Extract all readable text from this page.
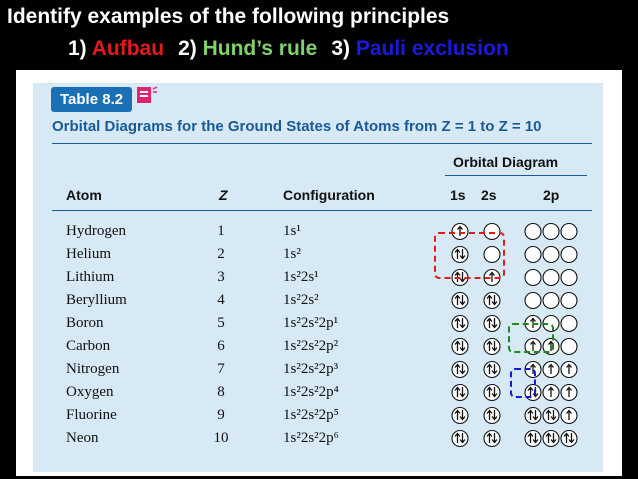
Identify examples of the following principles
1) Aufbau 2) Hund’s rule 3) Pauli exclusion
Table 8.2
Orbital Diagrams for the Ground States of Atoms from Z = 1 to Z = 10
Orbital Diagram
Atom	Z	Configuration	1s 2s	2p
Hydrogen	1	1s¹
Helium	2	1s²
Lithium	3	1s²2s¹
Beryllium	4	1s²2s²
Boron	5	1s²2s²2p¹
Carbon	6	1s²2s²2p²
Nitrogen	7	1s²2s²2p³
Oxygen	8	1s²2s²2p⁴
Fluorine	9	1s²2s²2p⁵
Neon	10	1s²2s²2p⁶
